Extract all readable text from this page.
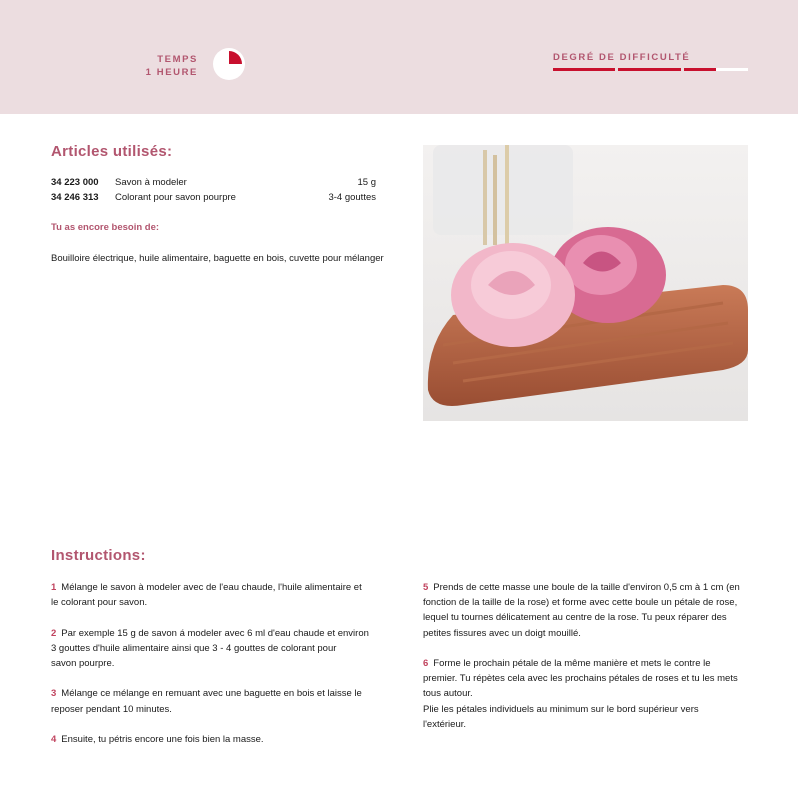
TEMPS
1 HEURE
DEGRÉ DE DIFFICULTÉ
Articles utilisés:
34 223 000 Savon à modeler	15 g
34 246 313 Colorant pour savon pourpre	3-4 gouttes
Tu as encore besoin de:
Bouilloire électrique, huile alimentaire, baguette en bois, cuvette pour mélanger
Instructions:

1 Mélange le savon à modeler avec de l'eau chaude, l'huile alimentaire et
le colorant pour savon.

2 Par exemple 15 g de savon á modeler avec 6 ml d'eau chaude et environ
3 gouttes d'huile alimentaire ainsi que 3 - 4 gouttes de colorant pour
savon pourpre.

3 Mélange ce mélange en remuant avec une baguette en bois et laisse le
reposer pendant 10 minutes.

4 Ensuite, tu pétris encore une fois bien la masse.

5 Prends de cette masse une boule de la taille d'environ 0,5 cm à 1 cm (en
fonction de la taille de la rose) et forme avec cette boule un pétale de rose,
lequel tu tournes délicatement au centre de la rose. Tu peux réparer des
petites fissures avec un doigt mouillé.

6 Forme le prochain pétale de la même manière et mets le contre le
premier. Tu répètes cela avec les prochains pétales de roses et tu les mets
tous autour.
Plie les pétales individuels au minimum sur le bord supérieur vers
l'extérieur.
